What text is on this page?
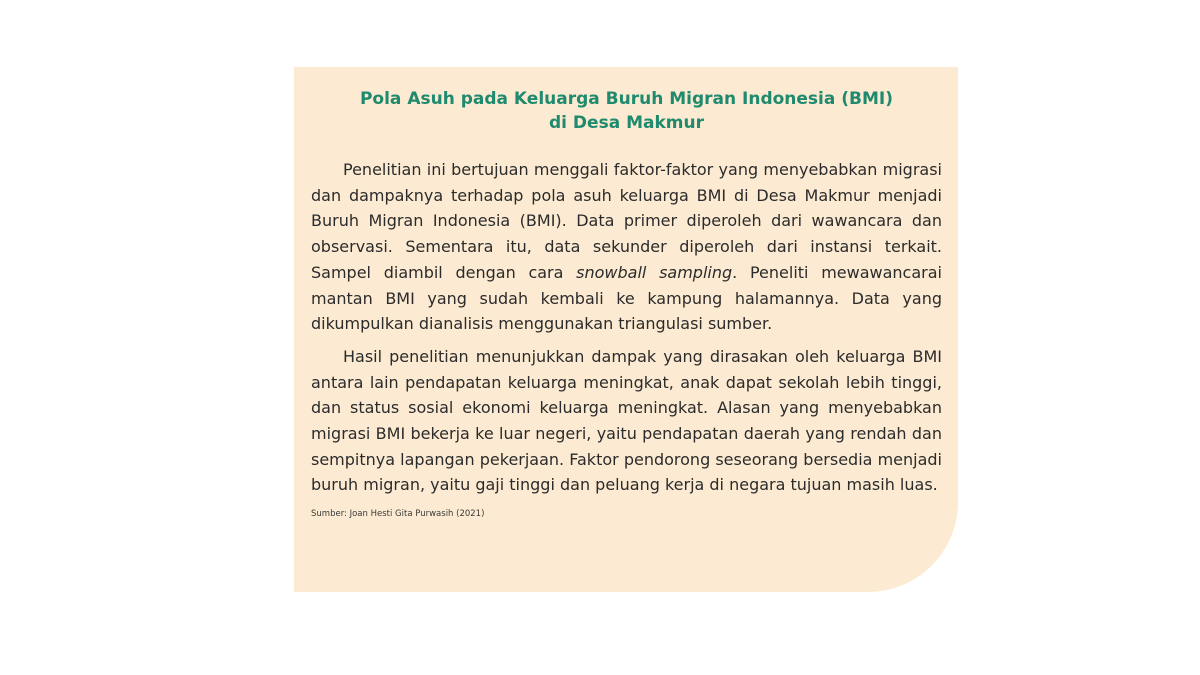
Pola Asuh pada Keluarga Buruh Migran Indonesia (BMI)
di Desa Makmur

Penelitian ini bertujuan menggali faktor-faktor yang menyebabkan migrasi dan dampaknya terhadap pola asuh keluarga BMI di Desa Makmur menjadi Buruh Migran Indonesia (BMI). Data primer diperoleh dari wawancara dan observasi. Sementara itu, data sekunder diperoleh dari instansi terkait. Sampel diambil dengan cara snowball sampling. Peneliti mewawancarai mantan BMI yang sudah kembali ke kampung halamannya. Data yang dikumpulkan dianalisis menggunakan triangulasi sumber.

Hasil penelitian menunjukkan dampak yang dirasakan oleh keluarga BMI antara lain pendapatan keluarga meningkat, anak dapat sekolah lebih tinggi, dan status sosial ekonomi keluarga meningkat. Alasan yang menyebabkan migrasi BMI bekerja ke luar negeri, yaitu pendapatan daerah yang rendah dan sempitnya lapangan pekerjaan. Faktor pendorong seseorang bersedia menjadi buruh migran, yaitu gaji tinggi dan peluang kerja di negara tujuan masih luas.

Sumber: Joan Hesti Gita Purwasih (2021)
